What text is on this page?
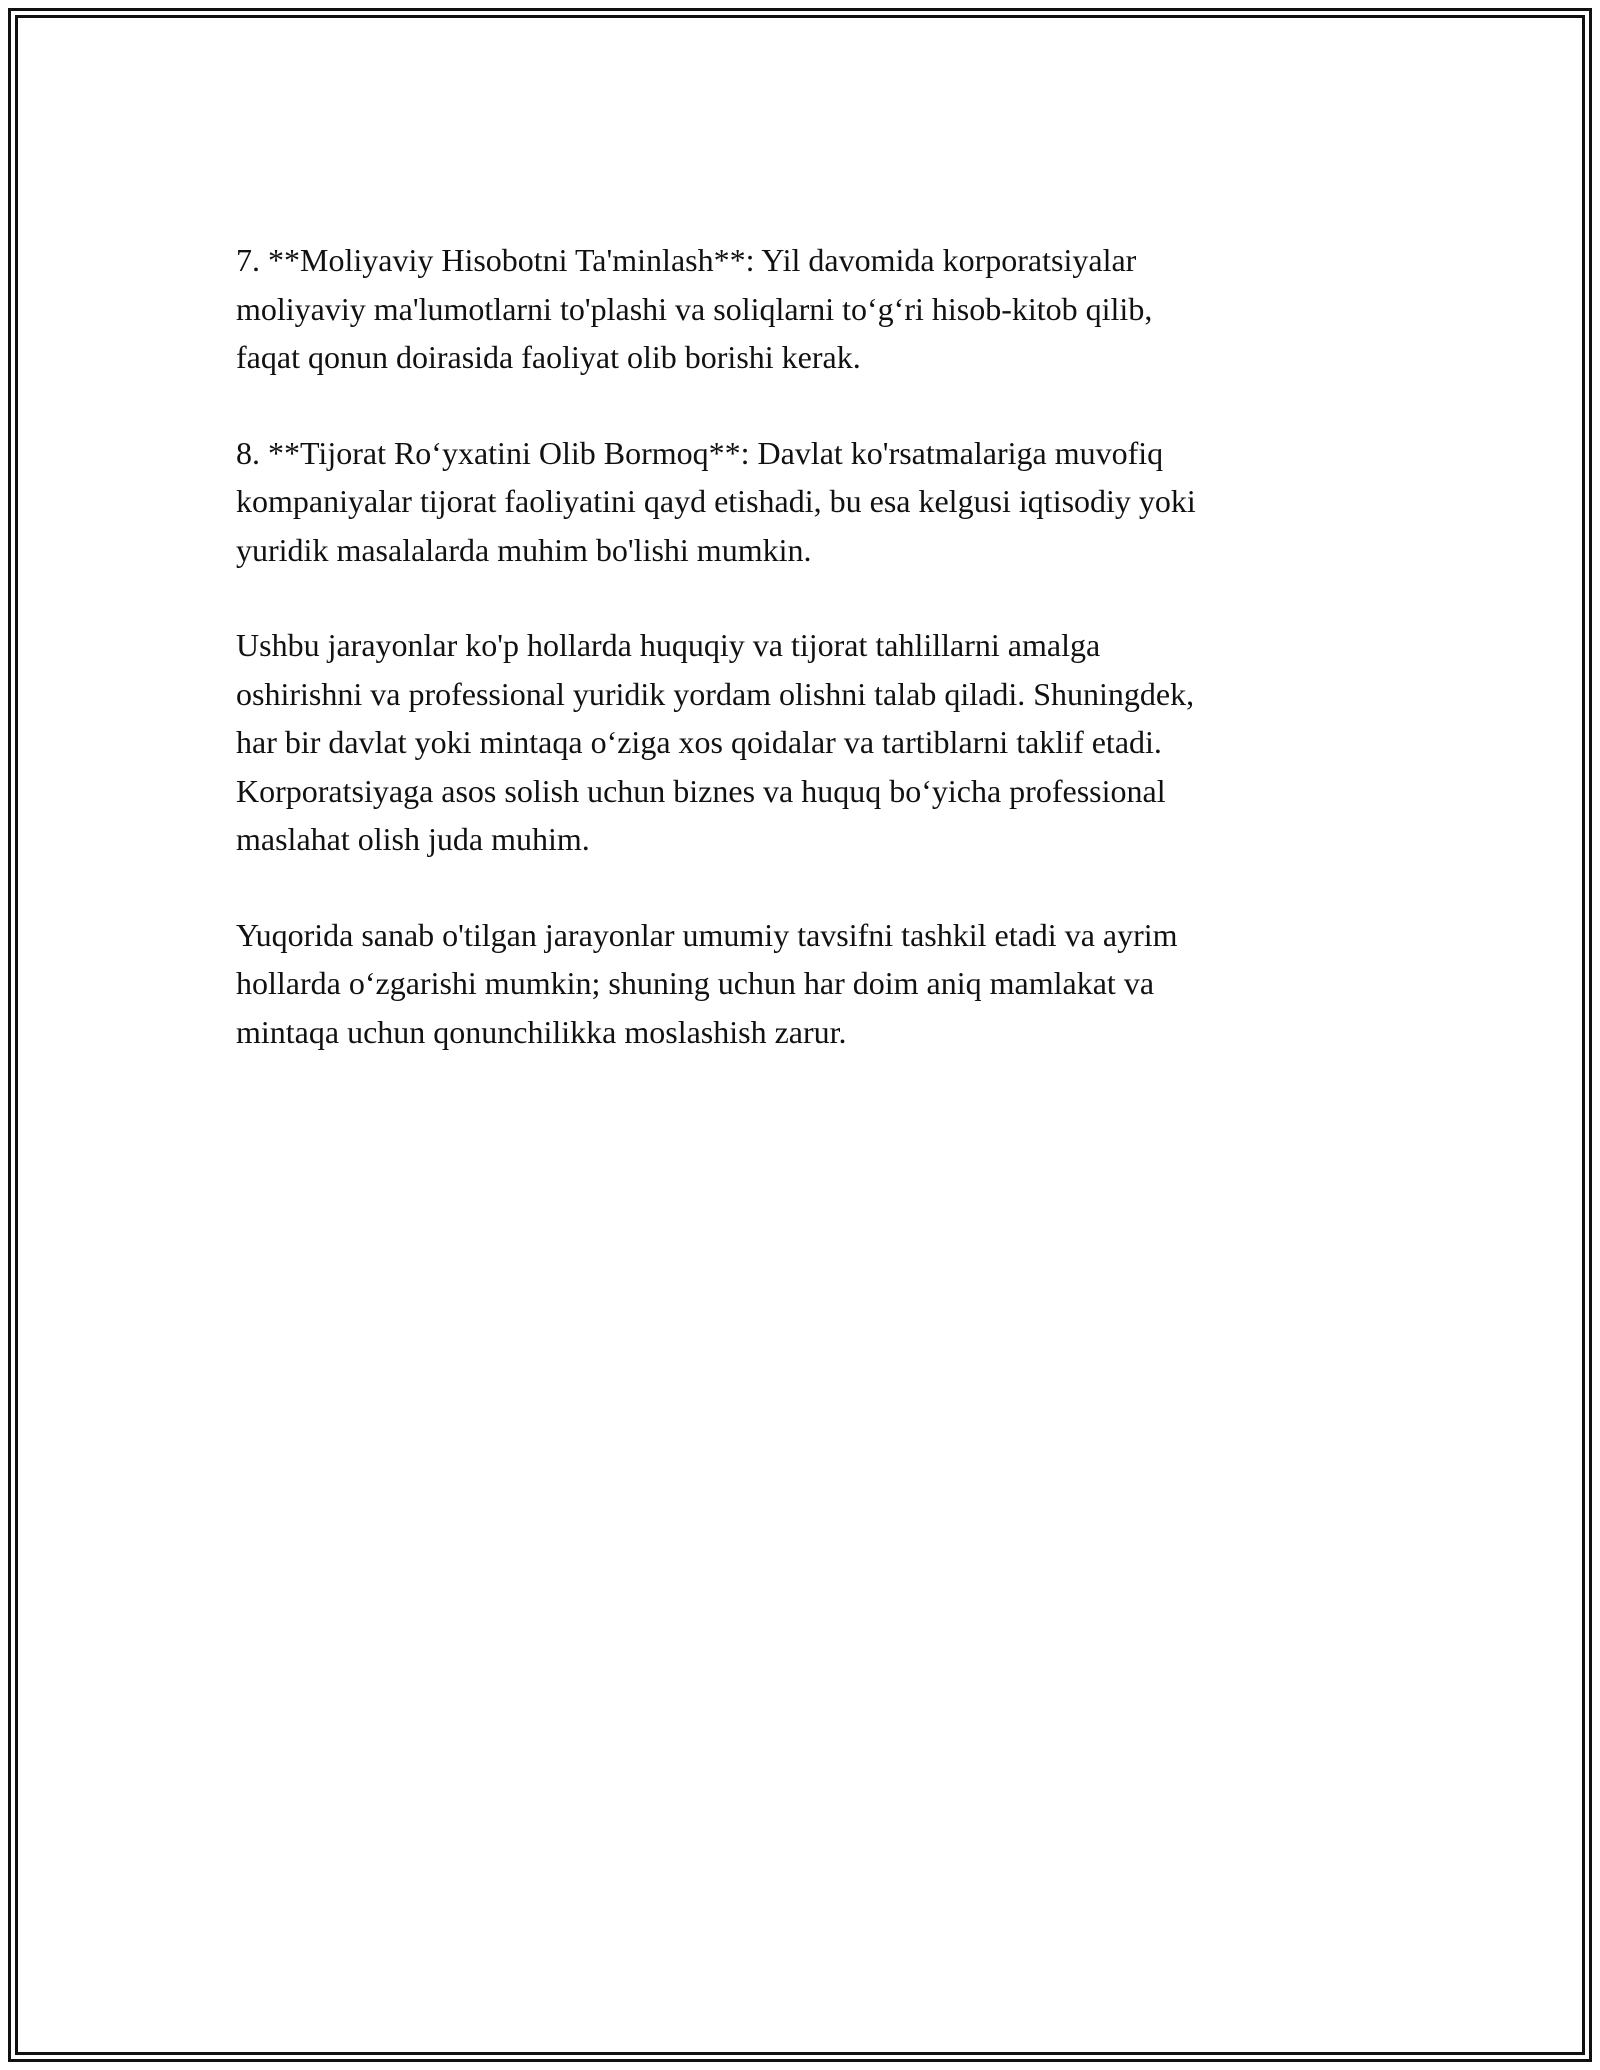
7. **Moliyaviy Hisobotni Ta'minlash**: Yil davomida korporatsiyalar
moliyaviy ma'lumotlarni to'plashi va soliqlarni to‘g‘ri hisob-kitob qilib,
faqat qonun doirasida faoliyat olib borishi kerak.

8. **Tijorat Ro‘yxatini Olib Bormoq**: Davlat ko'rsatmalariga muvofiq
kompaniyalar tijorat faoliyatini qayd etishadi, bu esa kelgusi iqtisodiy yoki
yuridik masalalarda muhim bo'lishi mumkin.

Ushbu jarayonlar ko'p hollarda huquqiy va tijorat tahlillarni amalga
oshirishni va professional yuridik yordam olishni talab qiladi. Shuningdek,
har bir davlat yoki mintaqa o‘ziga xos qoidalar va tartiblarni taklif etadi.
Korporatsiyaga asos solish uchun biznes va huquq bo‘yicha professional
maslahat olish juda muhim.

Yuqorida sanab o'tilgan jarayonlar umumiy tavsifni tashkil etadi va ayrim
hollarda o‘zgarishi mumkin; shuning uchun har doim aniq mamlakat va
mintaqa uchun qonunchilikka moslashish zarur.
